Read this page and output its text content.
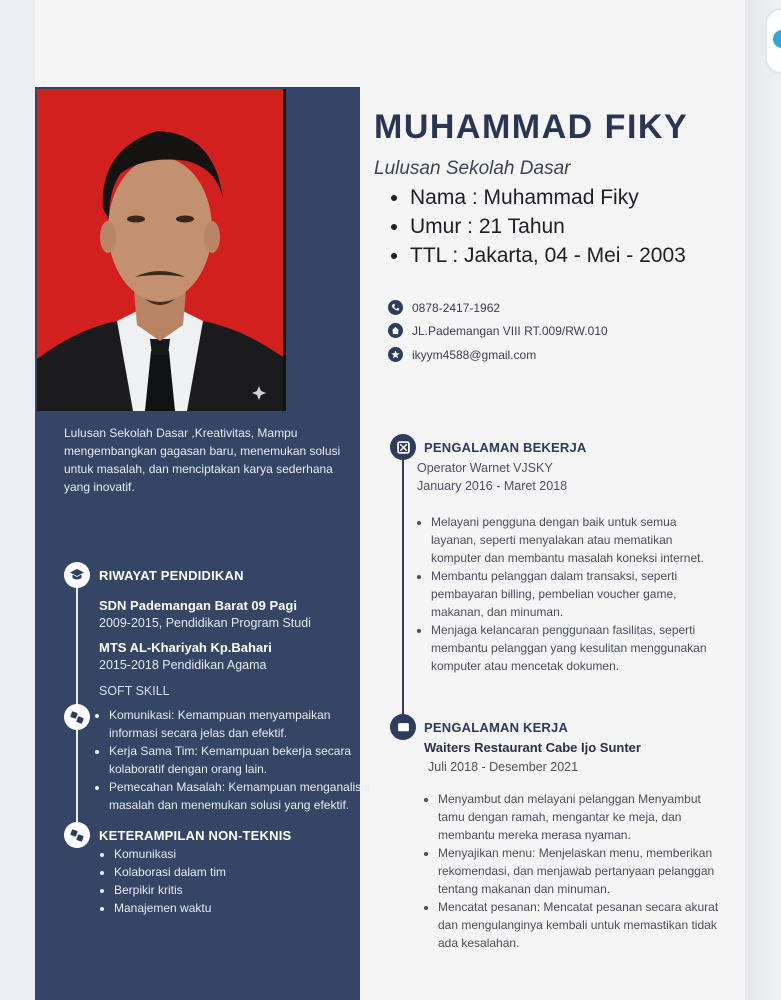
Lulusan Sekolah Dasar ,Kreativitas, Mampu mengembangkan gagasan baru, menemukan solusi untuk masalah, dan menciptakan karya sederhana yang inovatif.
RIWAYAT PENDIDIKAN
SDN Pademangan Barat 09 Pagi
2009-2015, Pendidikan Program Studi
MTS AL-Khariyah Kp.Bahari
2015-2018 Pendidikan Agama
SOFT SKILL
• Komunikasi: Kemampuan menyampaikan informasi secara jelas dan efektif.
• Kerja Sama Tim: Kemampuan bekerja secara kolaboratif dengan orang lain.
• Pemecahan Masalah: Kemampuan menganalisis masalah dan menemukan solusi yang efektif.
KETERAMPILAN NON-TEKNIS
• Komunikasi
• Kolaborasi dalam tim
• Berpikir kritis
• Manajemen waktu
MUHAMMAD FIKY
Lulusan Sekolah Dasar
• Nama : Muhammad Fiky
• Umur : 21 Tahun
• TTL : Jakarta, 04 - Mei - 2003
0878-2417-1962
JL.Pademangan VIII RT.009/RW.010
ikyym4588@gmail.com
PENGALAMAN BEKERJA
Operator Warnet VJSKY
January 2016 - Maret 2018
• Melayani pengguna dengan baik untuk semua layanan, seperti menyalakan atau mematikan komputer dan membantu masalah koneksi internet.
• Membantu pelanggan dalam transaksi, seperti pembayaran billing, pembelian voucher game, makanan, dan minuman.
• Menjaga kelancaran penggunaan fasilitas, seperti membantu pelanggan yang kesulitan menggunakan komputer atau mencetak dokumen.
PENGALAMAN KERJA
Waiters Restaurant Cabe Ijo Sunter
Juli 2018 - Desember 2021
• Menyambut dan melayani pelanggan Menyambut tamu dengan ramah, mengantar ke meja, dan membantu mereka merasa nyaman.
• Menyajikan menu: Menjelaskan menu, memberikan rekomendasi, dan menjawab pertanyaan pelanggan tentang makanan dan minuman.
• Mencatat pesanan: Mencatat pesanan secara akurat dan mengulanginya kembali untuk memastikan tidak ada kesalahan.
